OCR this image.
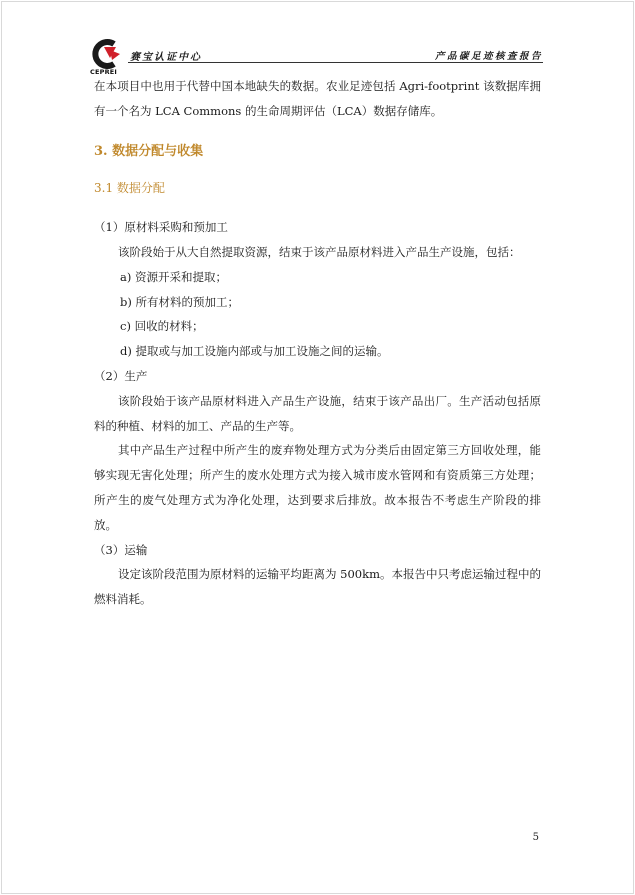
CEPREI
赛宝认证中心	产品碳足迹核查报告

在本项目中也用于代替中国本地缺失的数据。农业足迹包括 Agri-footprint 该数据库拥有一个名为 LCA Commons 的生命周期评估（LCA）数据存储库。

3. 数据分配与收集

3.1 数据分配

（1）原材料采购和预加工

该阶段始于从大自然提取资源，结束于该产品原材料进入产品生产设施，包括：

a) 资源开采和提取；

b) 所有材料的预加工；

c) 回收的材料；

d) 提取或与加工设施内部或与加工设施之间的运输。

（2）生产

该阶段始于该产品原材料进入产品生产设施，结束于该产品出厂。生产活动包括原料的种植、材料的加工、产品的生产等。

其中产品生产过程中所产生的废弃物处理方式为分类后由固定第三方回收处理，能够实现无害化处理；所产生的废水处理方式为接入城市废水管网和有资质第三方处理；所产生的废气处理方式为净化处理，达到要求后排放。故本报告不考虑生产阶段的排放。

（3）运输

设定该阶段范围为原材料的运输平均距离为 500km。本报告中只考虑运输过程中的燃料消耗。

5
